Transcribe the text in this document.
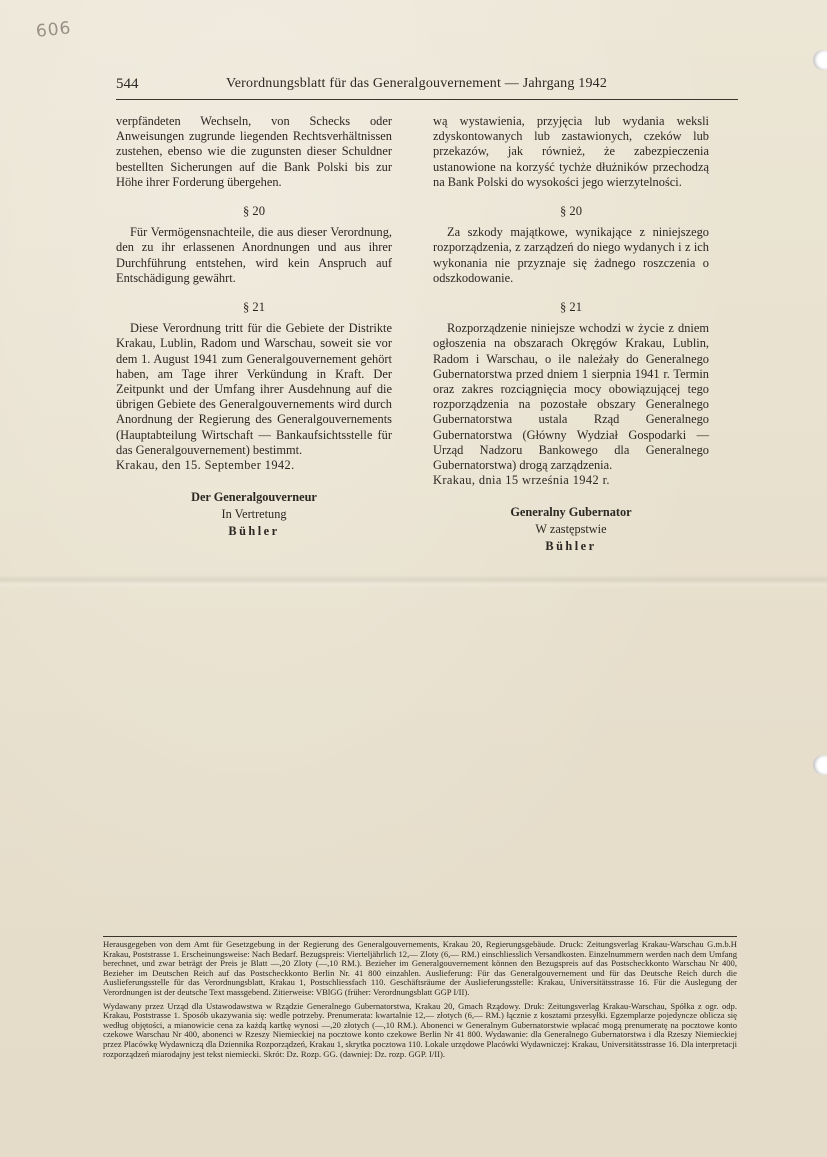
606
544	Verordnungsblatt für das Generalgouvernement — Jahrgang 1942

verpfändeten Wechseln, von Schecks oder Anweisungen zugrunde liegenden Rechtsverhältnissen zustehen, ebenso wie die zugunsten dieser Schuldner bestellten Sicherungen auf die Bank Polski bis zur Höhe ihrer Forderung übergehen.

§ 20

Für Vermögensnachteile, die aus dieser Verordnung, den zu ihr erlassenen Anordnungen und aus ihrer Durchführung entstehen, wird kein Anspruch auf Entschädigung gewährt.

§ 21

Diese Verordnung tritt für die Gebiete der Distrikte Krakau, Lublin, Radom und Warschau, soweit sie vor dem 1. August 1941 zum Generalgouvernement gehört haben, am Tage ihrer Verkündung in Kraft. Der Zeitpunkt und der Umfang ihrer Ausdehnung auf die übrigen Gebiete des Generalgouvernements wird durch Anordnung der Regierung des Generalgouvernements (Hauptabteilung Wirtschaft — Bankaufsichtsstelle für das Generalgouvernement) bestimmt.

Krakau, den 15. September 1942.

Der Generalgouverneur
In Vertretung
Bühler

wą wystawienia, przyjęcia lub wydania weksli zdyskontowanych lub zastawionych, czeków lub przekazów, jak również, że zabezpieczenia ustanowione na korzyść tychże dłużników przechodzą na Bank Polski do wysokości jego wierzytelności.

§ 20

Za szkody majątkowe, wynikające z niniejszego rozporządzenia, z zarządzeń do niego wydanych i z ich wykonania nie przyznaje się żadnego roszczenia o odszkodowanie.

§ 21

Rozporządzenie niniejsze wchodzi w życie z dniem ogłoszenia na obszarach Okręgów Krakau, Lublin, Radom i Warschau, o ile należały do Generalnego Gubernatorstwa przed dniem 1 sierpnia 1941 r. Termin oraz zakres rozciągnięcia mocy obowiązującej tego rozporządzenia na pozostałe obszary Generalnego Gubernatorstwa ustala Rząd Generalnego Gubernatorstwa (Główny Wydział Gospodarki — Urząd Nadzoru Bankowego dla Generalnego Gubernatorstwa) drogą zarządzenia.

Krakau, dnia 15 września 1942 r.

Generalny Gubernator
W zastępstwie
Bühler

Herausgegeben von dem Amt für Gesetzgebung in der Regierung des Generalgouvernements, Krakau 20, Regierungsgebäude. Druck: Zeitungsverlag Krakau-Warschau G.m.b.H Krakau, Poststrasse 1. Erscheinungsweise: Nach Bedarf. Bezugspreis: Vierteljährlich 12,— Zloty (6,— RM.) einschliesslich Versandkosten. Einzelnummern werden nach dem Umfang berechnet, und zwar beträgt der Preis je Blatt —,20 Zloty (—,10 RM.). Bezieher im Generalgouvernement können den Bezugspreis auf das Postscheckkonto Warschau Nr 400, Bezieher im Deutschen Reich auf das Postscheckkonto Berlin Nr. 41 800 einzahlen. Auslieferung: Für das Generalgouvernement und für das Deutsche Reich durch die Auslieferungsstelle für das Verordnungsblatt, Krakau 1, Postschliessfach 110. Geschäftsräume der Auslieferungsstelle: Krakau, Universitätsstrasse 16. Für die Auslegung der Verordnungen ist der deutsche Text massgebend. Zitierweise: VBlGG (früher: Verordnungsblatt GGP I/II).

Wydawany przez Urząd dla Ustawodawstwa w Rządzie Generalnego Gubernatorstwa, Krakau 20, Gmach Rządowy. Druk: Zeitungsverlag Krakau-Warschau, Spółka z ogr. odp. Krakau, Poststrasse 1. Sposób ukazywania się: wedle potrzeby. Prenumerata: kwartalnie 12,— złotych (6,— RM.) łącznie z kosztami przesyłki. Egzemplarze pojedyncze oblicza się według objętości, a mianowicie cena za każdą kartkę wynosi —,20 złotych (—,10 RM.). Abonenci w Generalnym Gubernatorstwie wpłacać mogą prenumeratę na pocztowe konto czekowe Warschau Nr 400, abonenci w Rzeszy Niemieckiej na pocztowe konto czekowe Berlin Nr 41 800. Wydawanie: dla Generalnego Gubernatorstwa i dla Rzeszy Niemieckiej przez Placówkę Wydawniczą dla Dziennika Rozporządzeń, Krakau 1, skrytka pocztowa 110. Lokale urzędowe Placówki Wydawniczej: Krakau, Universitätsstrasse 16. Dla interpretacji rozporządzeń miarodajny jest tekst niemiecki. Skrót: Dz. Rozp. GG. (dawniej: Dz. rozp. GGP. I/II).
